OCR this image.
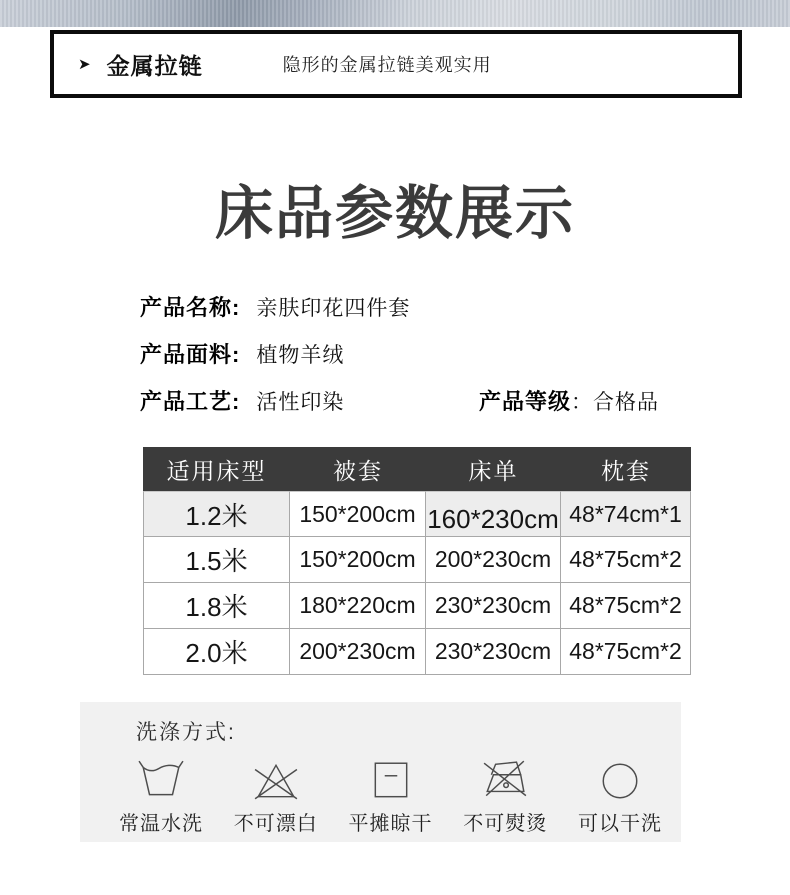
➤ 金属拉链	隐形的金属拉链美观实用
床品参数展示
产品名称: 亲肤印花四件套
产品面料: 植物羊绒
产品工艺: 活性印染	产品等级：合格品
适用床型	被套	床单	枕套
1.2米	150*200cm 160*230cm 48*74cm*1
1.5米	150*200cm 200*230cm 48*75cm*2
1.8米	180*220cm 230*230cm 48*75cm*2
2.0米	200*230cm 230*230cm 48*75cm*2
洗涤方式:
常温水洗 不可漂白 平摊晾干 不可熨烫 可以干洗
